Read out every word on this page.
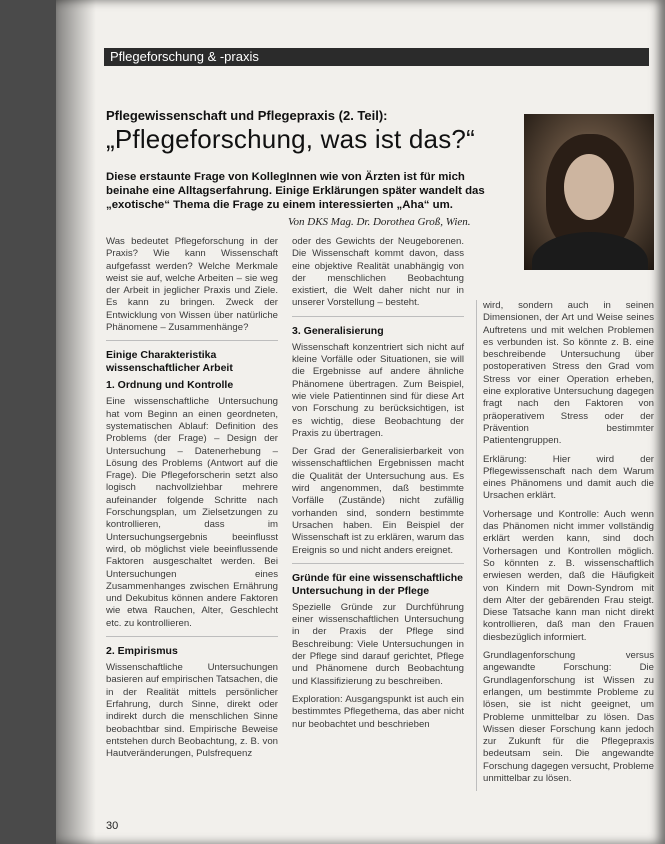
Pflegeforschung & -praxis
Pflegewissenschaft und Pflegepraxis (2. Teil):
„Pflegeforschung, was ist das?“
Diese erstaunte Frage von KollegInnen wie von Ärzten ist für mich beinahe eine Alltagserfahrung. Einige Erklärungen später wandelt das „exotische“ Thema die Frage zu einem interessierten „Aha“ um.
Von DKS Mag. Dr. Dorothea Groß, Wien.

Was bedeutet Pflegeforschung in der Praxis? Wie kann Wissenschaft aufgefasst werden? Welche Merkmale weist sie auf, welche Arbeiten – sie weg der Arbeit in jeglicher Praxis und Ziele. Es kann zu bringen. Zweck der Entwicklung von Wissen über natürliche Phänomene – Zusammenhänge?

Einige Charakteristika wissenschaftlicher Arbeit
1. Ordnung und Kontrolle

Eine wissenschaftliche Untersuchung hat vom Beginn an einen geordneten, systematischen Ablauf: Definition des Problems (der Frage) – Design der Untersuchung – Datenerhebung – Lösung des Problems (Antwort auf die Frage). Die Pflegeforscherin setzt also logisch nachvollziehbar mehrere aufeinander folgende Schritte nach Forschungsplan, um Zielsetzungen zu kontrollieren, dass im Untersuchungsergebnis beeinflusst wird, ob möglichst viele beeinflussende Faktoren ausgeschaltet werden. Bei Untersuchungen eines Zusammenhanges zwischen Ernährung und Dekubitus können andere Faktoren wie etwa Rauchen, Alter, Geschlecht etc. zu kontrollieren.

2. Empirismus

Wissenschaftliche Untersuchungen basieren auf empirischen Tatsachen, die in der Realität mittels persönlicher Erfahrung, durch Sinne, direkt oder indirekt durch die menschlichen Sinne beobachtbar sind. Empirische Beweise entstehen durch Beobachtung, z. B. von Hautveränderungen, Pulsfrequenz

oder des Gewichts der Neugeborenen. Die Wissenschaft kommt davon, dass eine objektive Realität unabhängig von der menschlichen Beobachtung existiert, die Welt daher nicht nur in unserer Vorstellung – besteht.

3. Generalisierung

Wissenschaft konzentriert sich nicht auf kleine Vorfälle oder Situationen, sie will die Ergebnisse auf andere ähnliche Phänomene übertragen. Zum Beispiel, wie viele Patientinnen sind für diese Art von Forschung zu berücksichtigen, ist es wichtig, diese Beobachtung der Praxis zu übertragen.

Der Grad der Generalisierbarkeit von wissenschaftlichen Ergebnissen macht die Qualität der Untersuchung aus. Es wird angenommen, daß bestimmte Vorfälle (Zustände) nicht zufällig vorhanden sind, sondern bestimmte Ursachen haben. Ein Beispiel der Wissenschaft ist zu erklären, warum das Ereignis so und nicht anders ereignet.

Gründe für eine wissenschaftliche Untersuchung in der Pflege

Spezielle Gründe zur Durchführung einer wissenschaftlichen Untersuchung in der Praxis der Pflege sind Beschreibung: Viele Untersuchungen in der Pflege sind darauf gerichtet, Pflege und Phänomene durch Beobachtung und Klassifizierung zu beschreiben.

Exploration: Ausgangspunkt ist auch ein bestimmtes Pflegethema, das aber nicht nur beobachtet und beschrieben

wird, sondern auch in seinen Dimensionen, der Art und Weise seines Auftretens und mit welchen Problemen es verbunden ist. So könnte z. B. eine beschreibende Untersuchung über postoperativen Stress den Grad vom Stress vor einer Operation erheben, eine explorative Untersuchung dagegen fragt nach den Faktoren von präoperativem Stress oder der Prävention bestimmter Patientengruppen.

Erklärung: Hier wird der Pflegewissenschaft nach dem Warum eines Phänomens und damit auch die Ursachen erklärt.

Vorhersage und Kontrolle: Auch wenn das Phänomen nicht immer vollständig erklärt werden kann, sind doch Vorhersagen und Kontrollen möglich. So könnten z. B. wissenschaftlich erwiesen werden, daß die Häufigkeit von Kindern mit Down-Syndrom mit dem Alter der gebärenden Frau steigt. Diese Tatsache kann man nicht direkt kontrollieren, daß man den Frauen diesbezüglich informiert.

Grundlagenforschung versus angewandte Forschung: Die Grundlagenforschung ist Wissen zu erlangen, um bestimmte Probleme zu lösen, sie ist nicht geeignet, um Probleme unmittelbar zu lösen. Das Wissen dieser Forschung kann jedoch zur Zukunft für die Pflegepraxis bedeutsam sein. Die angewandte Forschung dagegen versucht, Probleme unmittelbar zu lösen.

30
